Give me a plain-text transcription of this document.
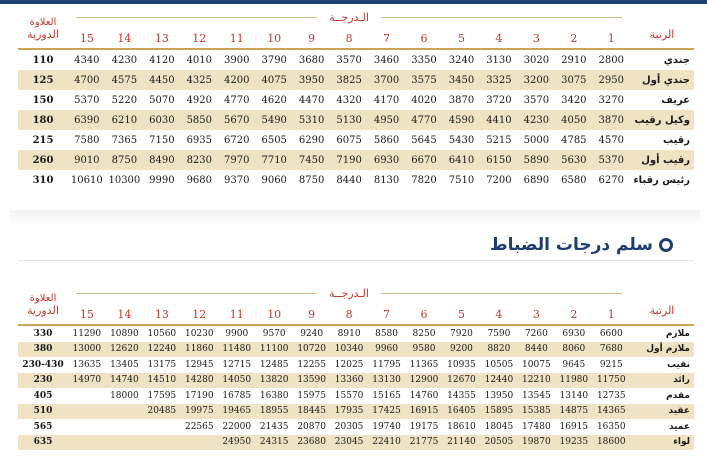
	الـدرجــة															العلاوة
الرتبة	1	2	3	4	5	6	7	8	9	10	11	12	13	14	15	الدورية
جندي	2800	2910	3020	3130	3240	3350	3460	3570	3680	3790	3900	4010	4120	4230	4340	110
جندي أول	2950	3075	3200	3325	3450	3575	3700	3825	3950	4075	4200	4325	4450	4575	4700	125
عريف	3270	3420	3570	3720	3870	4020	4170	4320	4470	4620	4770	4920	5070	5220	5370	150
وكيل رقيب	3870	4050	4230	4410	4590	4770	4950	5130	5310	5490	5670	5850	6030	6210	6390	180
رقيب	4570	4785	5000	5215	5430	5645	5860	6075	6290	6505	6720	6935	7150	7365	7580	215
رقيب أول	5370	5630	5890	6150	6410	6670	6930	7190	7450	7710	7970	8230	8490	8750	9010	260
رئيس رقباء	6270	6580	6890	7200	7510	7820	8130	8440	8750	9060	9370	9680	9990	10300	10610	310
سلم درجات الضباط
	الـدرجــة															العلاوة
الرتبة	1	2	3	4	5	6	7	8	9	10	11	12	13	14	15	الدورية
ملازم	6600	6930	7260	7590	7920	8250	8580	8910	9240	9570	9900	10230	10560	10890	11290	330
ملازم أول	7680	8060	8440	8820	9200	9580	9960	10340	10720	11100	11480	11860	12240	12620	13000	380
نقيب	9215	9645	10075	10505	10935	11365	11795	12025	12255	12485	12715	12945	13175	13405	13635	230-430
رائد	11750	11980	12210	12440	12670	12900	13130	13360	13590	13820	14050	14280	14510	14740	14970	230
مقدم	12735	13140	13545	13950	14355	14760	15165	15570	15975	16380	16785	17190	17595	18000		405
عقيد	14365	14875	15385	15895	16405	16915	17425	17935	18445	18955	19465	19975	20485			510
عميد	16350	16915	17480	18045	18610	19175	19740	20305	20870	21435	22000	22565				565
لواء	18600	19235	19870	20505	21140	21775	22410	23045	23680	24315	24950					635
